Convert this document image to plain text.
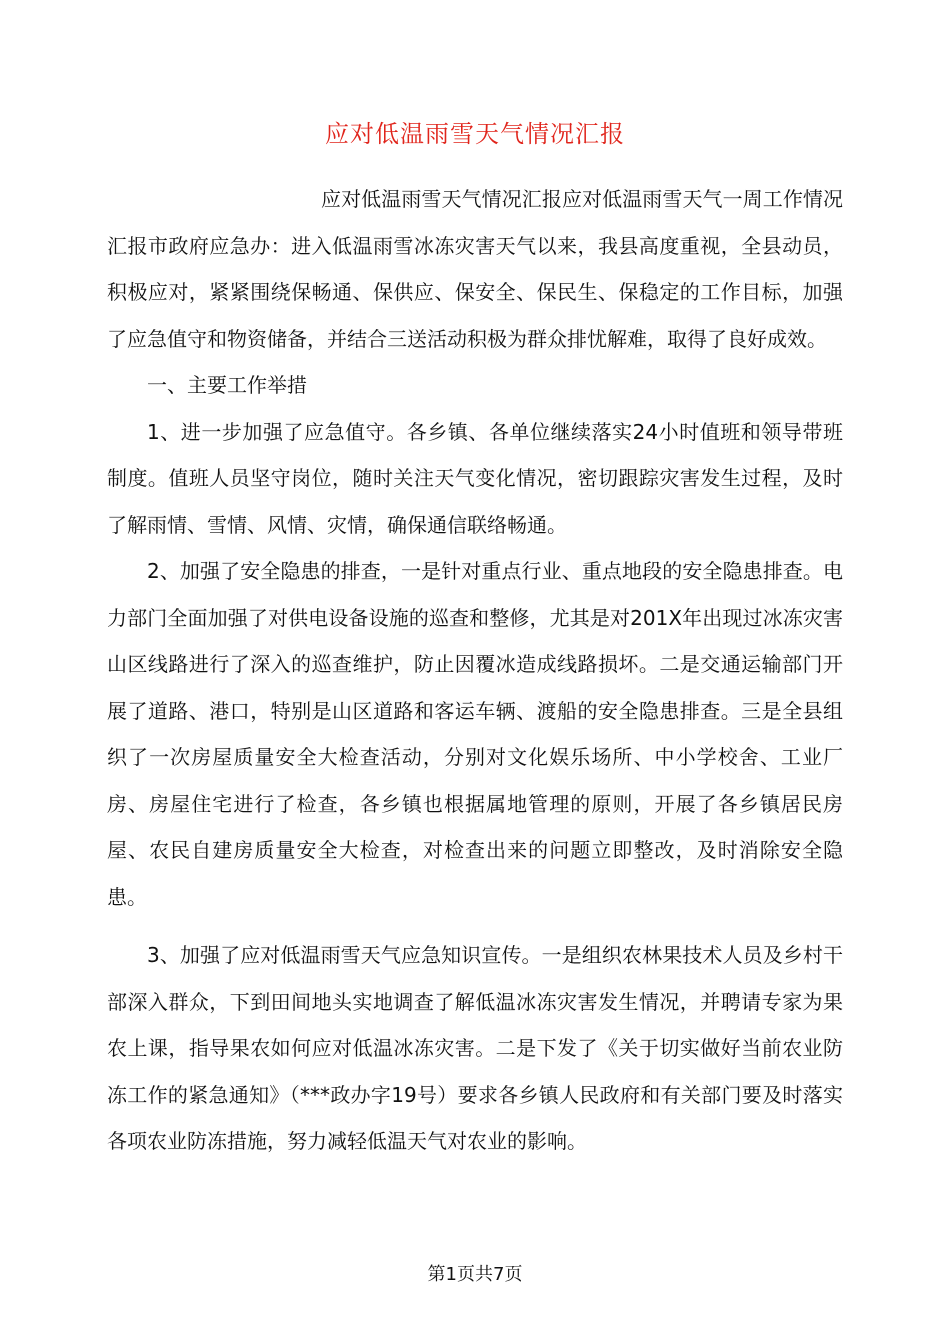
应对低温雨雪天气情况汇报

应对低温雨雪天气情况汇报应对低温雨雪天气一周工作情况汇报市政府应急办：进入低温雨雪冰冻灾害天气以来，我县高度重视，全县动员，积极应对，紧紧围绕保畅通、保供应、保安全、保民生、保稳定的工作目标，加强了应急值守和物资储备，并结合三送活动积极为群众排忧解难，取得了良好成效。

一、主要工作举措

1、进一步加强了应急值守。各乡镇、各单位继续落实24小时值班和领导带班制度。值班人员坚守岗位，随时关注天气变化情况，密切跟踪灾害发生过程，及时了解雨情、雪情、风情、灾情，确保通信联络畅通。

2、加强了安全隐患的排查，一是针对重点行业、重点地段的安全隐患排查。电力部门全面加强了对供电设备设施的巡查和整修，尤其是对201X年出现过冰冻灾害山区线路进行了深入的巡查维护，防止因覆冰造成线路损坏。二是交通运输部门开展了道路、港口，特别是山区道路和客运车辆、渡船的安全隐患排查。三是全县组织了一次房屋质量安全大检查活动，分别对文化娱乐场所、中小学校舍、工业厂房、房屋住宅进行了检查，各乡镇也根据属地管理的原则，开展了各乡镇居民房屋、农民自建房质量安全大检查，对检查出来的问题立即整改，及时消除安全隐患。

3、加强了应对低温雨雪天气应急知识宣传。一是组织农林果技术人员及乡村干部深入群众，下到田间地头实地调查了解低温冰冻灾害发生情况，并聘请专家为果农上课，指导果农如何应对低温冰冻灾害。二是下发了《关于切实做好当前农业防冻工作的紧急通知》（***政办字19号）要求各乡镇人民政府和有关部门要及时落实各项农业防冻措施，努力减轻低温天气对农业的影响。

第1页共7页
